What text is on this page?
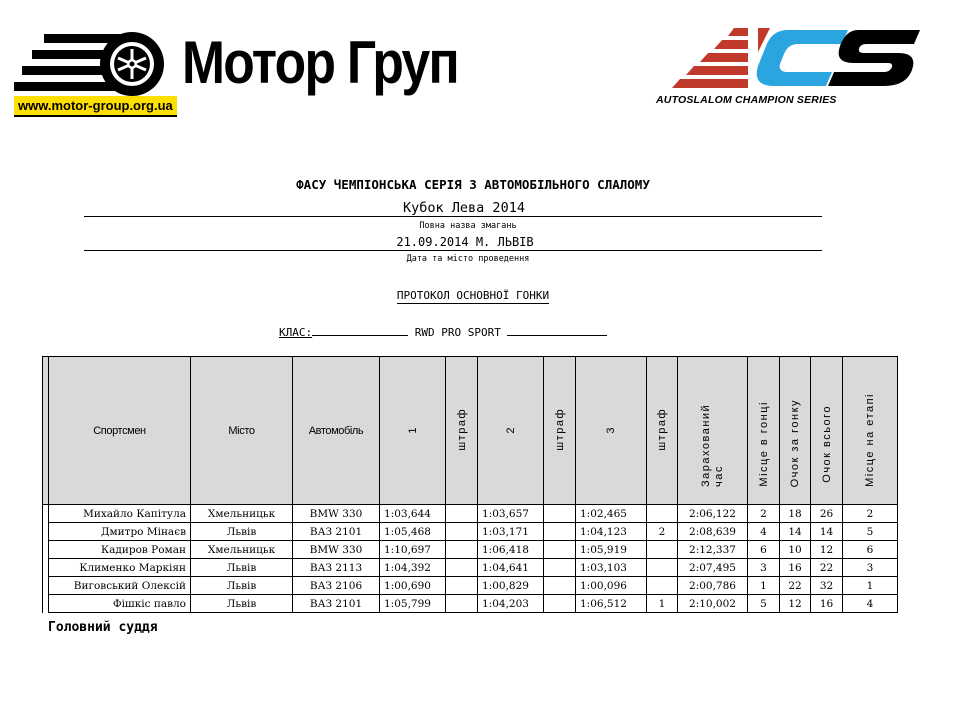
Мотор Груп
www.motor-group.org.ua	AUTOSLALOM CHAMPION SERIES
ФАСУ ЧЕМПІОНСЬКА СЕРІЯ З АВТОМОБІЛЬНОГО СЛАЛОМУ
Кубок Лева 2014
Повна назва змагань
21.09.2014 М. ЛЬВІВ
Дата та місто проведення
ПРОТОКОЛ ОСНОВНОЇ ГОНКИ
КЛАС:	RWD PRO SPORT
	Спортсмен	Місто	Автомобіль	1	штраф	2	штраф	3	штраф	Зарахований час	Місце в гонці	Очок за гонку	Очок всього	Місце на етапі
	Михайло Капітула	Хмельницьк	BMW 330	1:03,644		1:03,657		1:02,465		2:06,122	2	18	26	2
	Дмитро Мінаєв	Львів	ВАЗ 2101	1:05,468		1:03,171		1:04,123	2	2:08,639	4	14	14	5
	Кадиров Роман	Хмельницьк	BMW 330	1:10,697		1:06,418		1:05,919		2:12,337	6	10	12	6
	Клименко Маркіян	Львів	ВАЗ 2113	1:04,392		1:04,641		1:03,103		2:07,495	3	16	22	3
	Виговський Олексій	Львів	ВАЗ 2106	1:00,690		1:00,829		1:00,096		2:00,786	1	22	32	1
	Фішкіс павло	Львів	ВАЗ 2101	1:05,799		1:04,203		1:06,512	1	2:10,002	5	12	16	4
Головний суддя
